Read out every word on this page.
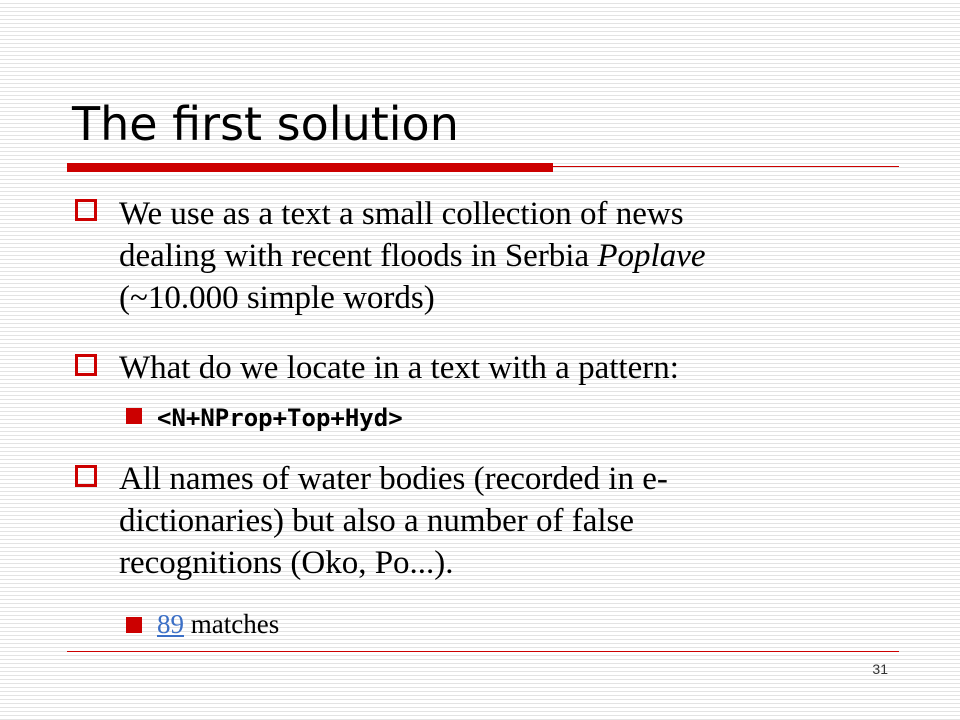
The first solution
We use as a text a small collection of news
dealing with recent floods in Serbia Poplave
(~10.000 simple words)
What do we locate in a text with a pattern:
<N+NProp+Top+Hyd>
All names of water bodies (recorded in e-
dictionaries) but also a number of false
recognitions (Oko, Po...).
89 matches
31
